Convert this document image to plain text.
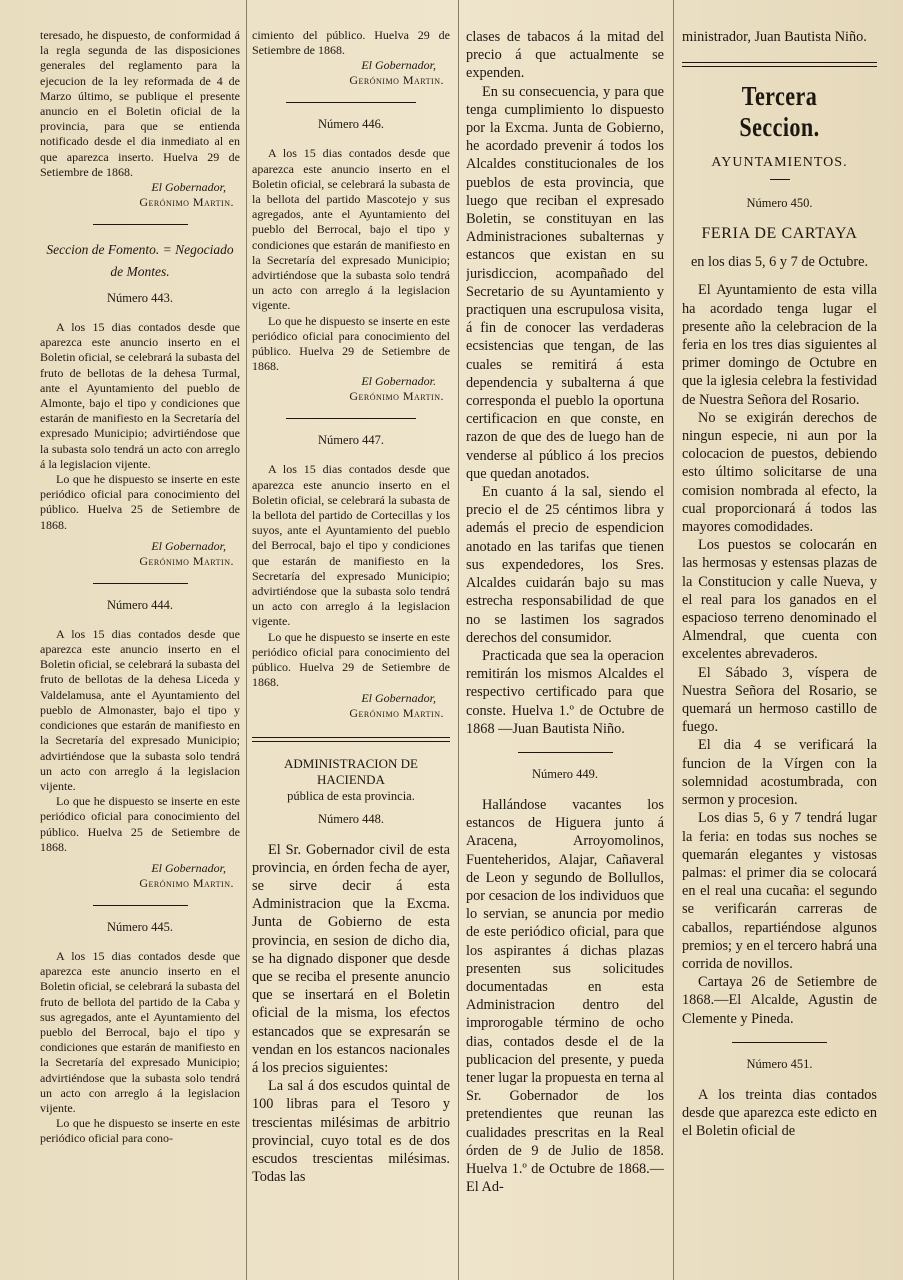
teresado, he dispuesto, de conformidad á la regla segunda de las disposiciones generales del reglamento para la ejecucion de la ley reformada de 4 de Marzo último, se publique el presente anuncio en el Boletin oficial de la provincia, para que se entienda notificado desde el dia inmediato al en que aparezca inserto. Huelva 29 de Setiembre de 1868.

El Gobernador,
Gerónimo Martin.
Seccion de Fomento. = Negociado
de Montes.
Número 443.

A los 15 dias contados desde que aparezca este anuncio inserto en el Boletin oficial, se celebrará la subasta del fruto de bellotas de la dehesa Turmal, ante el Ayuntamiento del pueblo de Almonte, bajo el tipo y condiciones que estarán de manifiesto en la Secretaría del expresado Municipio; advirtiéndose que la subasta solo tendrá un acto con arreglo á la legislacion vijente.

Lo que he dispuesto se inserte en este periódico oficial para conocimiento del público. Huelva 25 de Setiembre de 1868.

El Gobernador,
Gerónimo Martin.
Número 444.

A los 15 dias contados desde que aparezca este anuncio inserto en el Boletin oficial, se celebrará la subasta del fruto de bellotas de la dehesa Liceda y Valdelamusa, ante el Ayuntamiento del pueblo de Almonaster, bajo el tipo y condiciones que estarán de manifiesto en la Secretaría del expresado Municipio; advirtiéndose que la subasta solo tendrá un acto con arreglo á la legislacion vijente.

Lo que he dispuesto se inserte en este periódico oficial para conocimiento del público. Huelva 25 de Setiembre de 1868.

El Gobernador,
Gerónimo Martin.
Número 445.

A los 15 dias contados desde que aparezca este anuncio inserto en el Boletin oficial, se celebrará la subasta del fruto de bellota del partido de la Caba y sus agregados, ante el Ayuntamiento del pueblo del Berrocal, bajo el tipo y condiciones que estarán de manifiesto en la Secretaría del expresado Municipio; advirtiéndose que la subasta solo tendrá un acto con arreglo á la legislacion vijente.

Lo que he dispuesto se inserte en este periódico oficial para cono-

cimiento del público. Huelva 29 de Setiembre de 1868.

El Gobernador,
Gerónimo Martin.
Número 446.

A los 15 dias contados desde que aparezca este anuncio inserto en el Boletin oficial, se celebrará la subasta de la bellota del partido Mascotejo y sus agregados, ante el Ayuntamiento del pueblo del Berrocal, bajo el tipo y condiciones que estarán de manifiesto en la Secretaría del expresado Municipio; advirtiéndose que la subasta solo tendrá un acto con arreglo á la legislacion vigente.

Lo que he dispuesto se inserte en este periódico oficial para conocimiento del público. Huelva 29 de Setiembre de 1868.

El Gobernador.
Gerónimo Martin.
Número 447.

A los 15 dias contados desde que aparezca este anuncio inserto en el Boletin oficial, se celebrará la subasta de la bellota del partido de Cortecillas y los suyos, ante el Ayuntamiento del pueblo del Berrocal, bajo el tipo y condiciones que estarán de manifiesto en la Secretaría del expresado Municipio; advirtiéndose que la subasta solo tendrá un acto con arreglo á la legislacion vigente.

Lo que he dispuesto se inserte en este periódico oficial para conocimiento del público. Huelva 29 de Setiembre de 1868.

El Gobernador,
Gerónimo Martin.
ADMINISTRACION DE HACIENDA
pública de esta provincia.
Número 448.

El Sr. Gobernador civil de esta provincia, en órden fecha de ayer, se sirve decir á esta Administracion que la Excma. Junta de Gobierno de esta provincia, en sesion de dicho dia, se ha dignado disponer que desde que se reciba el presente anuncio que se insertará en el Boletin oficial de la misma, los efectos estancados que se expresarán se vendan en los estancos nacionales á los precios siguientes:

La sal á dos escudos quintal de 100 libras para el Tesoro y trescientas milésimas de arbitrio provincial, cuyo total es de dos escudos trescientas milésimas. Todas las

clases de tabacos á la mitad del precio á que actualmente se expenden.

En su consecuencia, y para que tenga cumplimiento lo dispuesto por la Excma. Junta de Gobierno, he acordado prevenir á todos los Alcaldes constitucionales de los pueblos de esta provincia, que luego que reciban el expresado Boletin, se constituyan en las Administraciones subalternas y estancos que existan en su jurisdiccion, acompañado del Secretario de su Ayuntamiento y practiquen una escrupulosa visita, á fin de conocer las verdaderas ecsistencias que tengan, de las cuales se remitirá á esta dependencia y subalterna á que corresponda el pueblo la oportuna certificacion en que conste, en razon de que des de luego han de venderse al público á los precios que quedan anotados.

En cuanto á la sal, siendo el precio el de 25 céntimos libra y además el precio de espendicion anotado en las tarifas que tienen sus expendedores, los Sres. Alcaldes cuidarán bajo su mas estrecha responsabilidad de que no se lastimen los sagrados derechos del consumidor.

Practicada que sea la operacion remitirán los mismos Alcaldes el respectivo certificado para que conste. Huelva 1.º de Octubre de 1868 —Juan Bautista Niño.

Número 449.

Hallándose vacantes los estancos de Higuera junto á Aracena, Arroyomolinos, Fuenteheridos, Alajar, Cañaveral de Leon y segundo de Bollullos, por cesacion de los individuos que lo servian, se anuncia por medio de este periódico oficial, para que los aspirantes á dichas plazas presenten sus solicitudes documentadas en esta Administracion dentro del improrogable término de ocho dias, contados desde el de la publicacion del presente, y pueda tener lugar la propuesta en terna al Sr. Gobernador de los pretendientes que reunan las cualidades prescritas en la Real órden de 9 de Julio de 1858. Huelva 1.º de Octubre de 1868.—El Ad-

ministrador, Juan Bautista Niño.

Tercera Seccion.
AYUNTAMIENTOS.
Número 450.
FERIA DE CARTAYA

en los dias 5, 6 y 7 de Octubre.

El Ayuntamiento de esta villa ha acordado tenga lugar el presente año la celebracion de la feria en los tres dias siguientes al primer domingo de Octubre en que la iglesia celebra la festividad de Nuestra Señora del Rosario.

No se exigirán derechos de ningun especie, ni aun por la colocacion de puestos, debiendo esto último solicitarse de una comision nombrada al efecto, la cual proporcionará á todos las mayores comodidades.

Los puestos se colocarán en las hermosas y estensas plazas de la Constitucion y calle Nueva, y el real para los ganados en el espacioso terreno denominado el Almendral, que cuenta con excelentes abrevaderos.

El Sábado 3, víspera de Nuestra Señora del Rosario, se quemará un hermoso castillo de fuego.

El dia 4 se verificará la funcion de la Vírgen con la solemnidad acostumbrada, con sermon y procesion.

Los dias 5, 6 y 7 tendrá lugar la feria: en todas sus noches se quemarán elegantes y vistosas palmas: el primer dia se colocará en el real una cucaña: el segundo se verificarán carreras de caballos, repartiéndose algunos premios; y en el tercero habrá una corrida de novillos.

Cartaya 26 de Setiembre de 1868.—El Alcalde, Agustin de Clemente y Pineda.

Número 451.

A los treinta dias contados desde que aparezca este edicto en el Boletin oficial de
